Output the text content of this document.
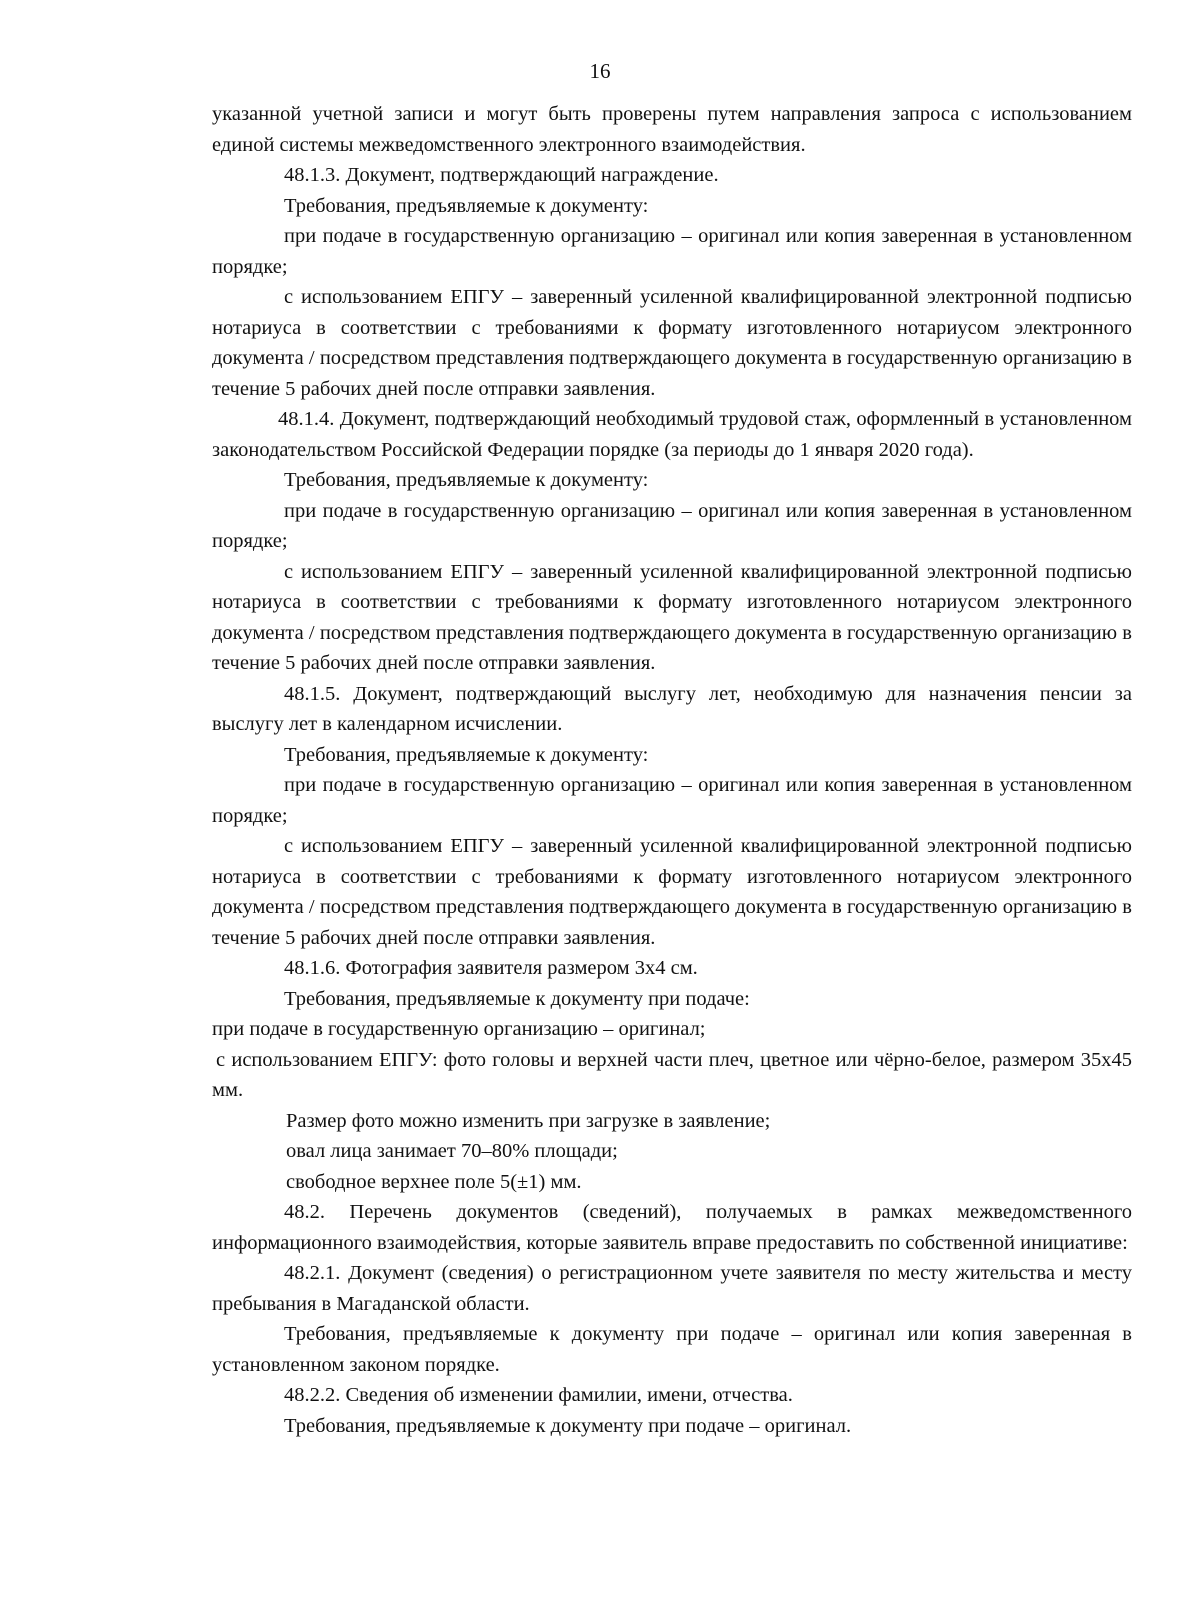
16

указанной учетной записи и могут быть проверены путем направления запроса с использованием единой системы межведомственного электронного взаимодействия.

48.1.3. Документ, подтверждающий награждение.

Требования, предъявляемые к документу:

при подаче в государственную организацию – оригинал или копия заверенная в установленном порядке;

с использованием ЕПГУ – заверенный усиленной квалифицированной электронной подписью нотариуса в соответствии с требованиями к формату изготовленного нотариусом электронного документа / посредством представления подтверждающего документа в государственную организацию в течение 5 рабочих дней после отправки заявления.

48.1.4. Документ, подтверждающий необходимый трудовой стаж, оформленный в установленном законодательством Российской Федерации порядке (за периоды до 1 января 2020 года).

Требования, предъявляемые к документу:

при подаче в государственную организацию – оригинал или копия заверенная в установленном порядке;

с использованием ЕПГУ – заверенный усиленной квалифицированной электронной подписью нотариуса в соответствии с требованиями к формату изготовленного нотариусом электронного документа / посредством представления подтверждающего документа в государственную организацию в течение 5 рабочих дней после отправки заявления.

48.1.5. Документ, подтверждающий выслугу лет, необходимую для назначения пенсии за выслугу лет в календарном исчислении.

Требования, предъявляемые к документу:

при подаче в государственную организацию – оригинал или копия заверенная в установленном порядке;

с использованием ЕПГУ – заверенный усиленной квалифицированной электронной подписью нотариуса в соответствии с требованиями к формату изготовленного нотариусом электронного документа / посредством представления подтверждающего документа в государственную организацию в течение 5 рабочих дней после отправки заявления.

48.1.6. Фотография заявителя размером 3х4 см.

Требования, предъявляемые к документу при подаче:

при подаче в государственную организацию – оригинал;

с использованием ЕПГУ: фото головы и верхней части плеч, цветное или чёрно-белое, размером 35х45 мм.

Размер фото можно изменить при загрузке в заявление;

овал лица занимает 70–80% площади;

свободное верхнее поле 5(±1) мм.

48.2. Перечень документов (сведений), получаемых в рамках межведомственного информационного взаимодействия, которые заявитель вправе предоставить по собственной инициативе:

48.2.1. Документ (сведения) о регистрационном учете заявителя по месту жительства и месту пребывания в Магаданской области.

Требования, предъявляемые к документу при подаче – оригинал или копия заверенная в установленном законом порядке.

48.2.2. Сведения об изменении фамилии, имени, отчества.

Требования, предъявляемые к документу при подаче – оригинал.
